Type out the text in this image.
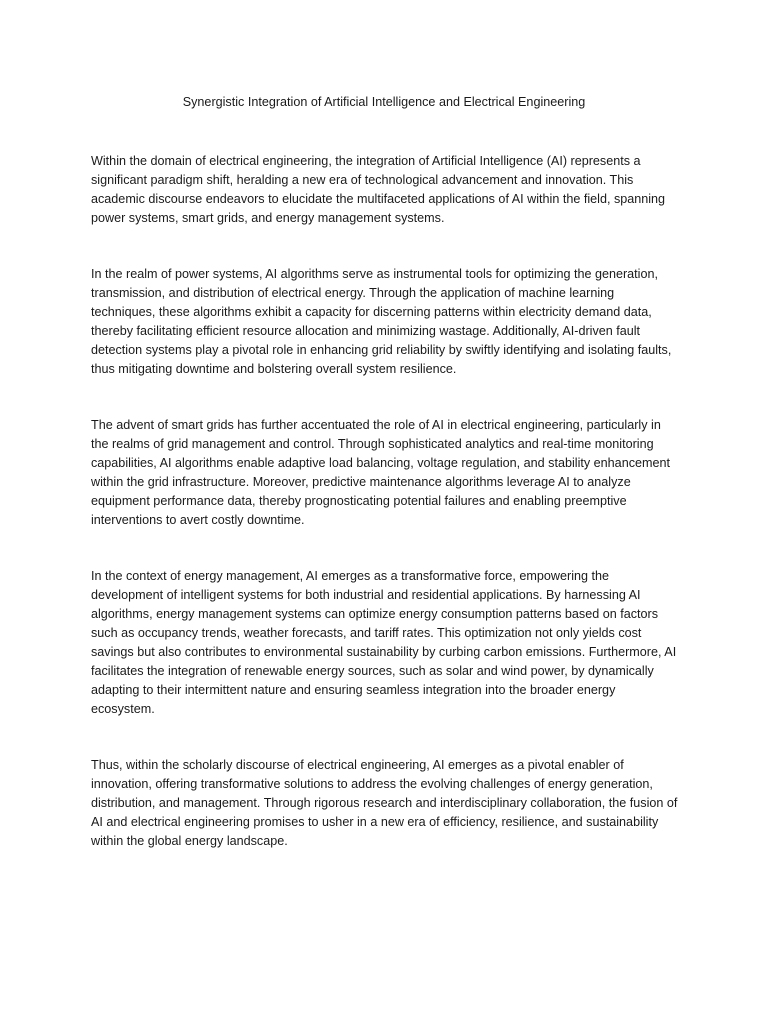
Synergistic Integration of Artificial Intelligence and Electrical Engineering

Within the domain of electrical engineering, the integration of Artificial Intelligence (AI) represents a significant paradigm shift, heralding a new era of technological advancement and innovation. This academic discourse endeavors to elucidate the multifaceted applications of AI within the field, spanning power systems, smart grids, and energy management systems.

In the realm of power systems, AI algorithms serve as instrumental tools for optimizing the generation, transmission, and distribution of electrical energy. Through the application of machine learning techniques, these algorithms exhibit a capacity for discerning patterns within electricity demand data, thereby facilitating efficient resource allocation and minimizing wastage. Additionally, AI-driven fault detection systems play a pivotal role in enhancing grid reliability by swiftly identifying and isolating faults, thus mitigating downtime and bolstering overall system resilience.

The advent of smart grids has further accentuated the role of AI in electrical engineering, particularly in the realms of grid management and control. Through sophisticated analytics and real-time monitoring capabilities, AI algorithms enable adaptive load balancing, voltage regulation, and stability enhancement within the grid infrastructure. Moreover, predictive maintenance algorithms leverage AI to analyze equipment performance data, thereby prognosticating potential failures and enabling preemptive interventions to avert costly downtime.

In the context of energy management, AI emerges as a transformative force, empowering the development of intelligent systems for both industrial and residential applications. By harnessing AI algorithms, energy management systems can optimize energy consumption patterns based on factors such as occupancy trends, weather forecasts, and tariff rates. This optimization not only yields cost savings but also contributes to environmental sustainability by curbing carbon emissions. Furthermore, AI facilitates the integration of renewable energy sources, such as solar and wind power, by dynamically adapting to their intermittent nature and ensuring seamless integration into the broader energy ecosystem.

Thus, within the scholarly discourse of electrical engineering, AI emerges as a pivotal enabler of innovation, offering transformative solutions to address the evolving challenges of energy generation, distribution, and management. Through rigorous research and interdisciplinary collaboration, the fusion of AI and electrical engineering promises to usher in a new era of efficiency, resilience, and sustainability within the global energy landscape.
